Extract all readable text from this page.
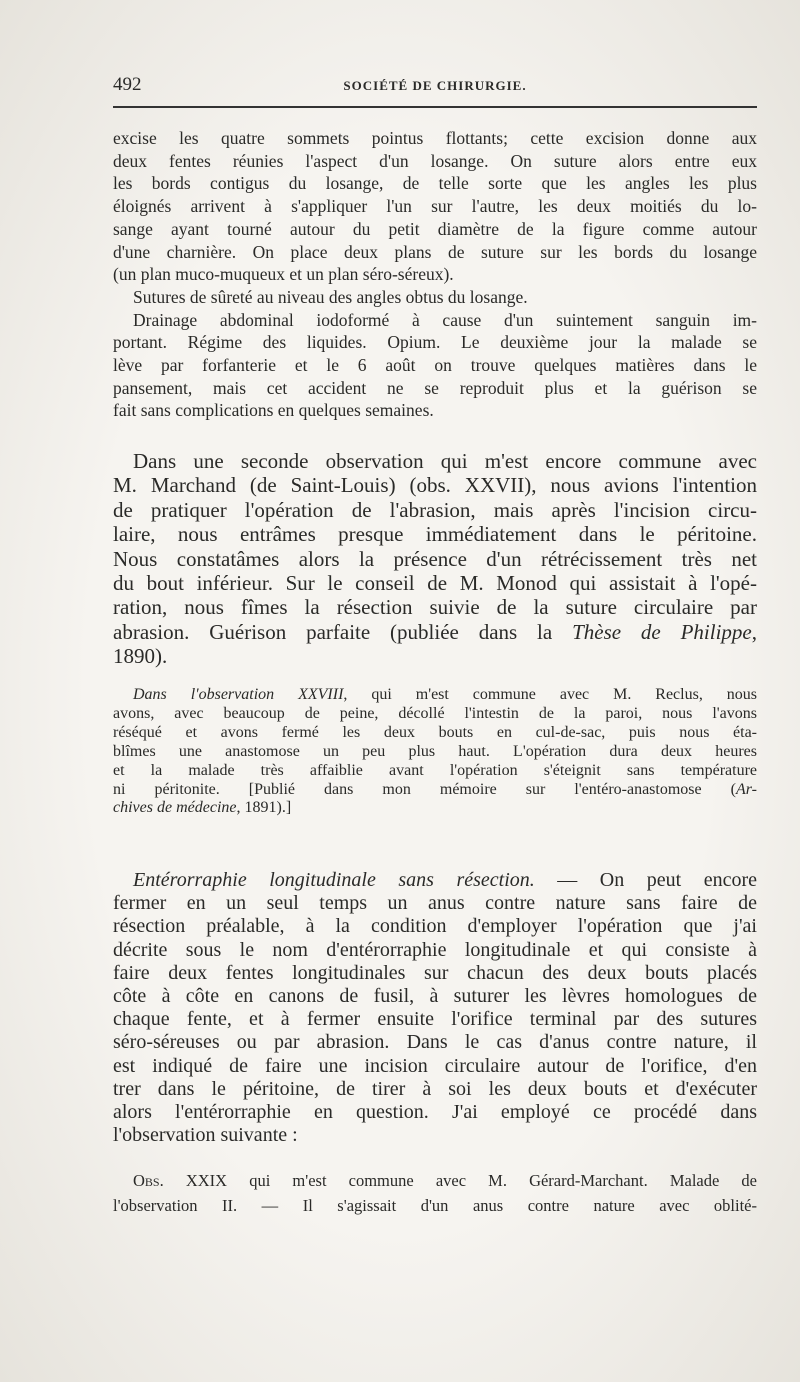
492	SOCIÉTÉ DE CHIRURGIE.
excise les quatre sommets pointus flottants; cette excision donne aux
deux fentes réunies l'aspect d'un losange. On suture alors entre eux
les bords contigus du losange, de telle sorte que les angles les plus
éloignés arrivent à s'appliquer l'un sur l'autre, les deux moitiés du lo-
sange ayant tourné autour du petit diamètre de la figure comme autour
d'une charnière. On place deux plans de suture sur les bords du losange
(un plan muco-muqueux et un plan séro-séreux).
Sutures de sûreté au niveau des angles obtus du losange.
Drainage abdominal iodoformé à cause d'un suintement sanguin im-
portant. Régime des liquides. Opium. Le deuxième jour la malade se
lève par forfanterie et le 6 août on trouve quelques matières dans le
pansement, mais cet accident ne se reproduit plus et la guérison se
fait sans complications en quelques semaines.
Dans une seconde observation qui m'est encore commune avec
M. Marchand (de Saint-Louis) (obs. XXVII), nous avions l'intention
de pratiquer l'opération de l'abrasion, mais après l'incision circu-
laire, nous entrâmes presque immédiatement dans le péritoine.
Nous constatâmes alors la présence d'un rétrécissement très net
du bout inférieur. Sur le conseil de M. Monod qui assistait à l'opé-
ration, nous fîmes la résection suivie de la suture circulaire par
abrasion. Guérison parfaite (publiée dans la Thèse de Philippe,
1890).
Dans l'observation XXVIII, qui m'est commune avec M. Reclus, nous
avons, avec beaucoup de peine, décollé l'intestin de la paroi, nous l'avons
réséqué et avons fermé les deux bouts en cul-de-sac, puis nous éta-
blîmes une anastomose un peu plus haut. L'opération dura deux heures
et la malade très affaiblie avant l'opération s'éteignit sans température
ni péritonite. [Publié dans mon mémoire sur l'entéro-anastomose (Ar-
chives de médecine, 1891).]
Entérorraphie longitudinale sans résection. — On peut encore
fermer en un seul temps un anus contre nature sans faire de
résection préalable, à la condition d'employer l'opération que j'ai
décrite sous le nom d'entérorraphie longitudinale et qui consiste à
faire deux fentes longitudinales sur chacun des deux bouts placés
côte à côte en canons de fusil, à suturer les lèvres homologues de
chaque fente, et à fermer ensuite l'orifice terminal par des sutures
séro-séreuses ou par abrasion. Dans le cas d'anus contre nature, il
est indiqué de faire une incision circulaire autour de l'orifice, d'en
trer dans le péritoine, de tirer à soi les deux bouts et d'exécuter
alors l'entérorraphie en question. J'ai employé ce procédé dans
l'observation suivante :
Obs. XXIX qui m'est commune avec M. Gérard-Marchant. Malade de
l'observation II. — Il s'agissait d'un anus contre nature avec oblité-
